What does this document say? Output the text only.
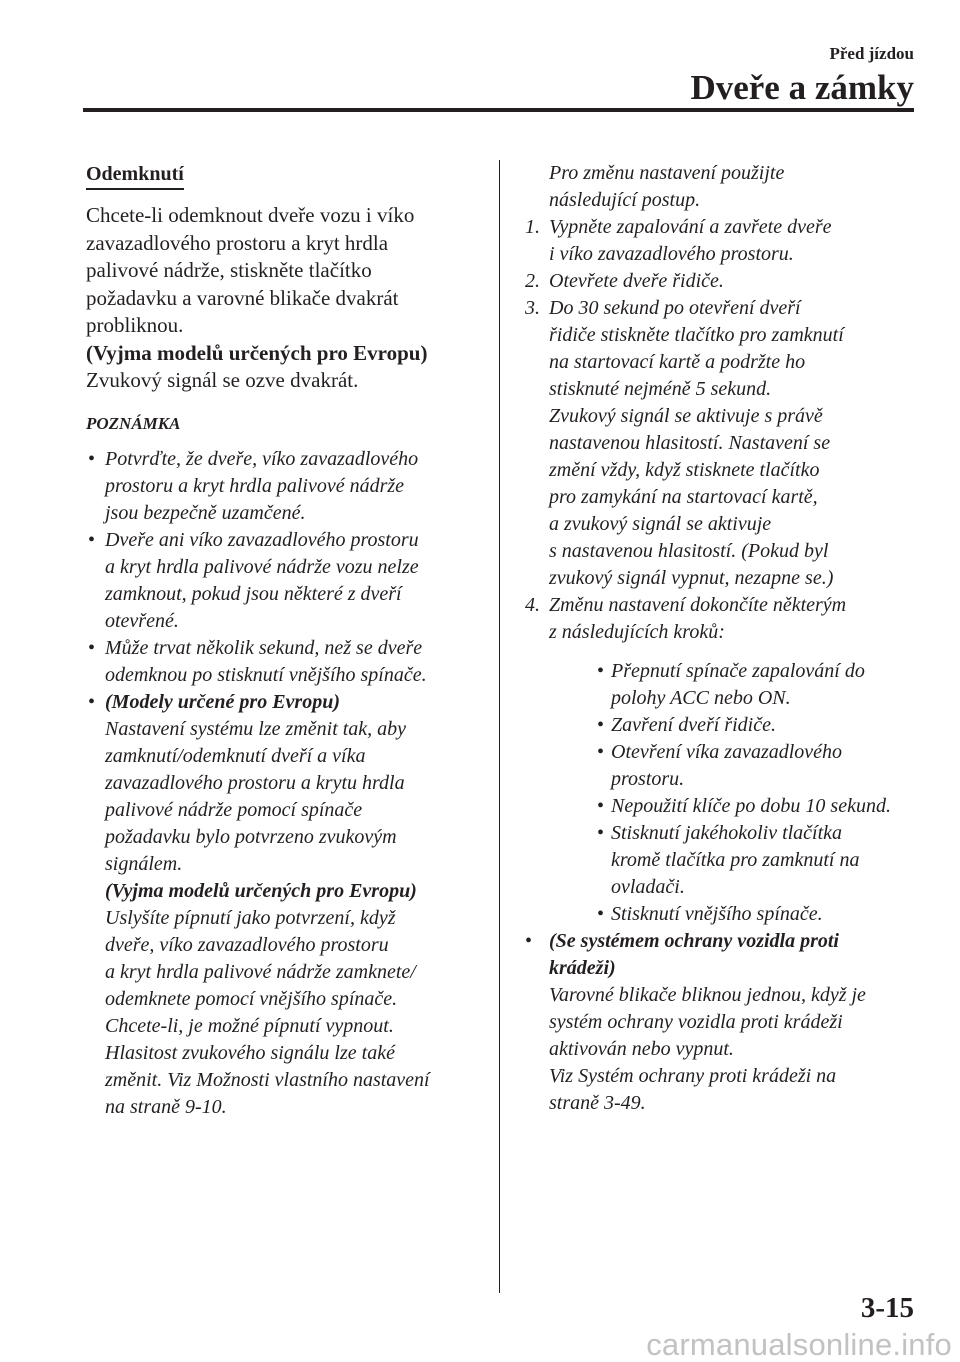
Před jízdou
Dveře a zámky
Odemknutí

Chcete-li odemknout dveře vozu i víko
zavazadlového prostoru a kryt hrdla
palivové nádrže, stiskněte tlačítko
požadavku a varovné blikače dvakrát
probliknou.
(Vyjma modelů určených pro Evropu)
Zvukový signál se ozve dvakrát.

POZNÁMKA
• Potvrďte, že dveře, víko zavazadlového
prostoru a kryt hrdla palivové nádrže
jsou bezpečně uzamčené.
• Dveře ani víko zavazadlového prostoru
a kryt hrdla palivové nádrže vozu nelze
zamknout, pokud jsou některé z dveří
otevřené.
• Může trvat několik sekund, než se dveře
odemknou po stisknutí vnějšího spínače.
• (Modely určené pro Evropu)
Nastavení systému lze změnit tak, aby
zamknutí/odemknutí dveří a víka
zavazadlového prostoru a krytu hrdla
palivové nádrže pomocí spínače
požadavku bylo potvrzeno zvukovým
signálem.
(Vyjma modelů určených pro Evropu)
Uslyšíte pípnutí jako potvrzení, když
dveře, víko zavazadlového prostoru
a kryt hrdla palivové nádrže zamknete/
odemknete pomocí vnějšího spínače.
Chcete-li, je možné pípnutí vypnout.
Hlasitost zvukového signálu lze také
změnit. Viz Možnosti vlastního nastavení
na straně 9-10.

Pro změnu nastavení použijte
následující postup.

1. Vypněte zapalování a zavřete dveře
i víko zavazadlového prostoru.
2. Otevřete dveře řidiče.
3. Do 30 sekund po otevření dveří
řidiče stiskněte tlačítko pro zamknutí
na startovací kartě a podržte ho
stisknuté nejméně 5 sekund.
Zvukový signál se aktivuje s právě
nastavenou hlasitostí. Nastavení se
změní vždy, když stisknete tlačítko
pro zamykání na startovací kartě,
a zvukový signál se aktivuje
s nastavenou hlasitostí. (Pokud byl
zvukový signál vypnut, nezapne se.)
4. Změnu nastavení dokončíte některým
z následujících kroků:
• Přepnutí spínače zapalování do
polohy ACC nebo ON.
• Zavření dveří řidiče.
• Otevření víka zavazadlového
prostoru.
• Nepoužití klíče po dobu 10 sekund.
• Stisknutí jakéhokoliv tlačítka
kromě tlačítka pro zamknutí na
ovladači.
• Stisknutí vnějšího spínače.
• (Se systémem ochrany vozidla proti
krádeži)
Varovné blikače bliknou jednou, když je
systém ochrany vozidla proti krádeži
aktivován nebo vypnut.
Viz Systém ochrany proti krádeži na
straně 3-49.
3-15
carmanualsonline.info
